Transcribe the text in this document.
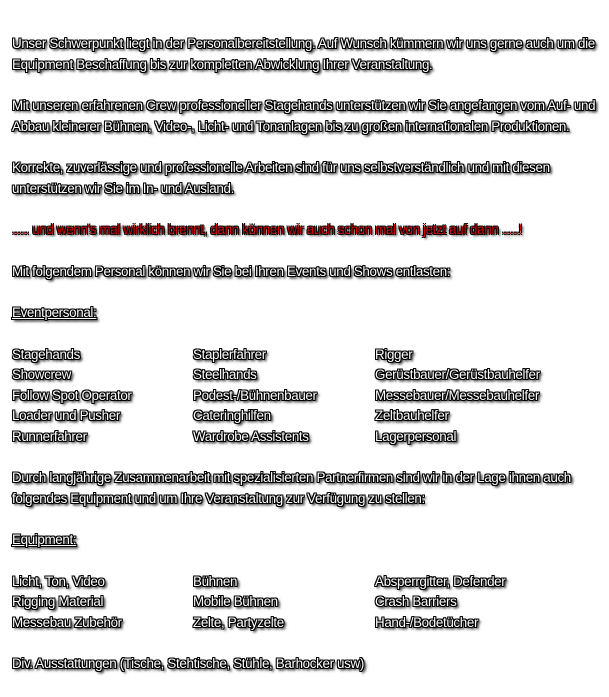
Unser Schwerpunkt liegt in der Personalbereitstellung. Auf Wunsch kümmern wir uns gerne auch um die Equipment Beschaffung bis zur kompletten Abwicklung Ihrer Veranstaltung.

Mit unseren erfahrenen Crew professioneller Stagehands unterstützen wir Sie angefangen vom Auf- und Abbau kleinerer Bühnen, Video-, Licht- und Tonanlagen bis zu großen internationalen Produktionen.

Korrekte, zuverlässige und professionelle Arbeiten sind für uns selbstverständlich und mit diesen unterstützen wir Sie im In- und Ausland.

..... und wenn's mal wirklich brennt, dann können wir auch schon mal von jetzt auf dann .....!

Mit folgendem Personal können wir Sie bei Ihren Events und Shows entlasten:

Eventpersonal:

Stagehands	Staplerfahrer	Rigger
Showcrew	Steelhands	Gerüstbauer/Gerüstbauhelfer
Follow Spot Operator	Podest-/Bühnenbauer	Messebauer/Messebauhelfer
Loader und Pusher	Cateringhilfen	Zeltbauhelfer
Runnerfahrer	Wardrobe Assistents	Lagerpersonal

Durch langjährige Zusammenarbeit mit spezialisierten Partnerfirmen sind wir in der Lage ihnen auch folgendes Equipment und um Ihre Veranstaltung zur Verfügung zu stellen:

Equipment:

Licht, Ton, Video	Bühnen	Absperrgitter, Defender
Rigging Material	Mobile Bühnen	Crash Barriers
Messebau Zubehör	Zelte, Partyzelte	Hand-/Bodetücher

Div. Ausstattungen (Tische, Stehtische, Stühle, Barhocker usw)
